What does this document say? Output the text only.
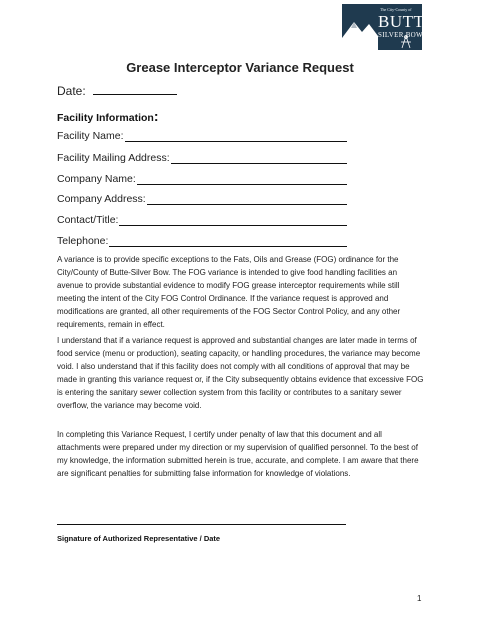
The City-County of
BUTTE
SILVER BOW
Grease Interceptor Variance Request
Date:
Facility Information:
Facility Name:
Facility Mailing Address:
Company Name:
Company Address:
Contact/Title:
Telephone:
A variance is to provide specific exceptions to the Fats, Oils and Grease (FOG) ordinance for the City/County of Butte-Silver Bow. The FOG variance is intended to give food handling facilities an avenue to provide substantial evidence to modify FOG grease interceptor requirements while still meeting the intent of the City FOG Control Ordinance. If the variance request is approved and modifications are granted, all other requirements of the FOG Sector Control Policy, and any other requirements, remain in effect.
I understand that if a variance request is approved and substantial changes are later made in terms of food service (menu or production), seating capacity, or handling procedures, the variance may become void. I also understand that if this facility does not comply with all conditions of approval that may be made in granting this variance request or, if the City subsequently obtains evidence that excessive FOG is entering the sanitary sewer collection system from this facility or contributes to a sanitary sewer overflow, the variance may become void.
In completing this Variance Request, I certify under penalty of law that this document and all attachments were prepared under my direction or my supervision of qualified personnel. To the best of my knowledge, the information submitted herein is true, accurate, and complete. I am aware that there are significant penalties for submitting false information for knowledge of violations.
Signature of Authorized Representative / Date
1
